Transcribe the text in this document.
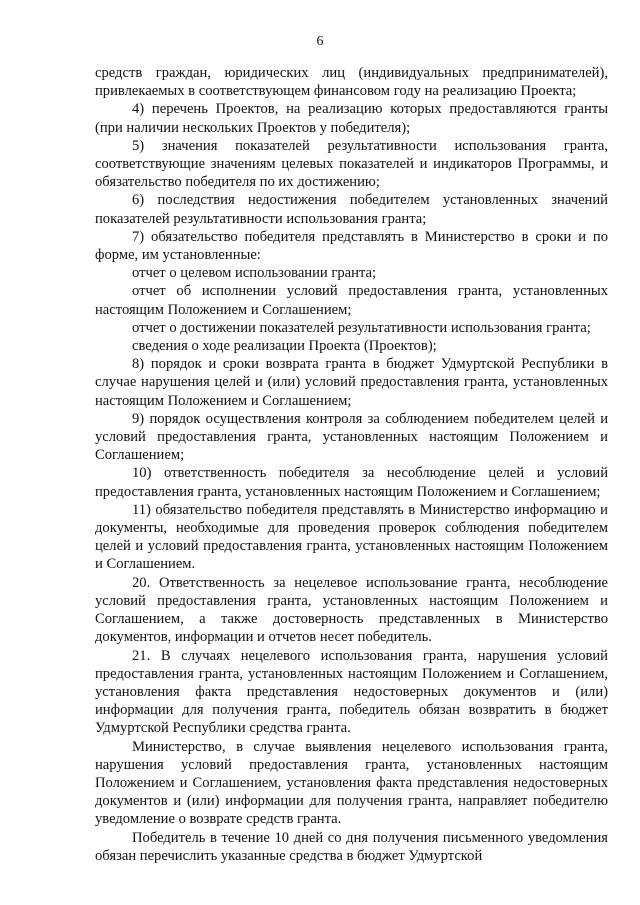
6

средств граждан, юридических лиц (индивидуальных предпринимателей), привлекаемых в соответствующем финансовом году на реализацию Проекта;

4) перечень Проектов, на реализацию которых предоставляются гранты (при наличии нескольких Проектов у победителя);

5) значения показателей результативности использования гранта, соответствующие значениям целевых показателей и индикаторов Программы, и обязательство победителя по их достижению;

6) последствия недостижения победителем установленных значений показателей результативности использования гранта;

7) обязательство победителя представлять в Министерство в сроки и по форме, им установленные:

отчет о целевом использовании гранта;

отчет об исполнении условий предоставления гранта, установленных настоящим Положением и Соглашением;

отчет о достижении показателей результативности использования гранта;

сведения о ходе реализации Проекта (Проектов);

8) порядок и сроки возврата гранта в бюджет Удмуртской Республики в случае нарушения целей и (или) условий предоставления гранта, установленных настоящим Положением и Соглашением;

9) порядок осуществления контроля за соблюдением победителем целей и условий предоставления гранта, установленных настоящим Положением и Соглашением;

10) ответственность победителя за несоблюдение целей и условий предоставления гранта, установленных настоящим Положением и Соглашением;

11) обязательство победителя представлять в Министерство информацию и документы, необходимые для проведения проверок соблюдения победителем целей и условий предоставления гранта, установленных настоящим Положением и Соглашением.

20. Ответственность за нецелевое использование гранта, несоблюдение условий предоставления гранта, установленных настоящим Положением и Соглашением, а также достоверность представленных в Министерство документов, информации и отчетов несет победитель.

21. В случаях нецелевого использования гранта, нарушения условий предоставления гранта, установленных настоящим Положением и Соглашением, установления факта представления недостоверных документов и (или) информации для получения гранта, победитель обязан возвратить в бюджет Удмуртской Республики средства гранта.

Министерство, в случае выявления нецелевого использования гранта, нарушения условий предоставления гранта, установленных настоящим Положением и Соглашением, установления факта представления недостоверных документов и (или) информации для получения гранта, направляет победителю уведомление о возврате средств гранта.

Победитель в течение 10 дней со дня получения письменного уведомления обязан перечислить указанные средства в бюджет Удмуртской
